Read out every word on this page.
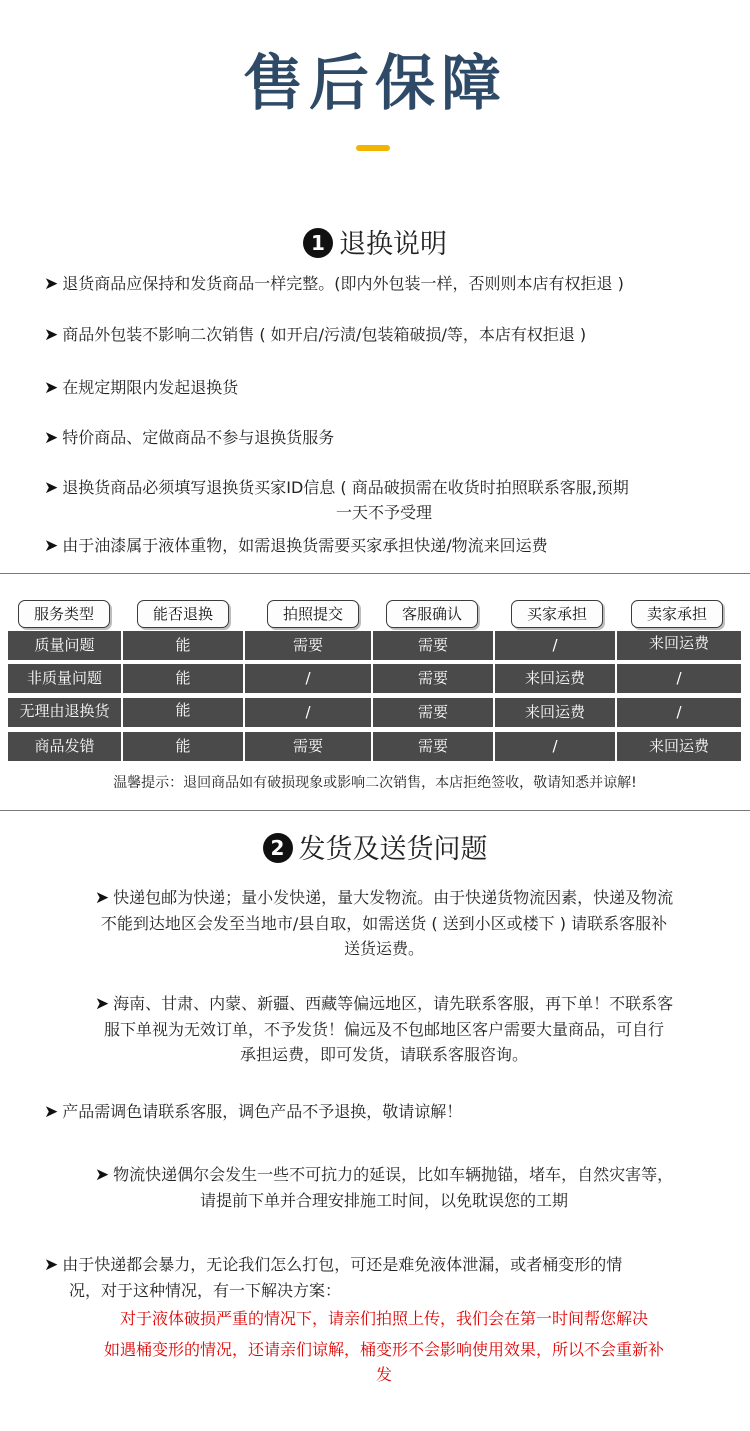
售后保障
1 退换说明
➤ 退货商品应保持和发货商品一样完整。(即内外包装一样，否则则本店有权拒退 )
➤ 商品外包装不影响二次销售 ( 如开启/污渍/包装箱破损/等，本店有权拒退 )
➤ 在规定期限内发起退换货
➤ 特价商品、定做商品不参与退换货服务
➤ 退换货商品必须填写退换货买家ID信息 ( 商品破损需在收货时拍照联系客服,预期
一天不予受理
➤ 由于油漆属于液体重物，如需退换货需要买家承担快递/物流来回运费
服务类型	能否退换	拍照提交	客服确认	买家承担	卖家承担
质量问题	能	需要	需要	/	来回运费
非质量问题	能	/	需要	来回运费	/
无理由退换货	能	/	需要	来回运费	/
商品发错	能	需要	需要	/	来回运费
温馨提示：退回商品如有破损现象或影响二次销售，本店拒绝签收，敬请知悉并谅解!
2 发货及送货问题
➤ 快递包邮为快递；量小发快递，量大发物流。由于快递货物流因素，快递及物流
不能到达地区会发至当地市/县自取，如需送货 ( 送到小区或楼下 ) 请联系客服补
送货运费。
➤ 海南、甘肃、内蒙、新疆、西藏等偏远地区，请先联系客服，再下单！不联系客
服下单视为无效订单，不予发货！偏远及不包邮地区客户需要大量商品，可自行
承担运费，即可发货，请联系客服咨询。
➤ 产品需调色请联系客服，调色产品不予退换，敬请谅解！
➤ 物流快递偶尔会发生一些不可抗力的延误，比如车辆抛锚，堵车，自然灾害等，
请提前下单并合理安排施工时间，以免耽误您的工期
➤ 由于快递都会暴力，无论我们怎么打包，可还是难免液体泄漏，或者桶变形的情
况，对于这种情况，有一下解决方案：
对于液体破损严重的情况下，请亲们拍照上传，我们会在第一时间帮您解决
如遇桶变形的情况，还请亲们谅解，桶变形不会影响使用效果，所以不会重新补
发
